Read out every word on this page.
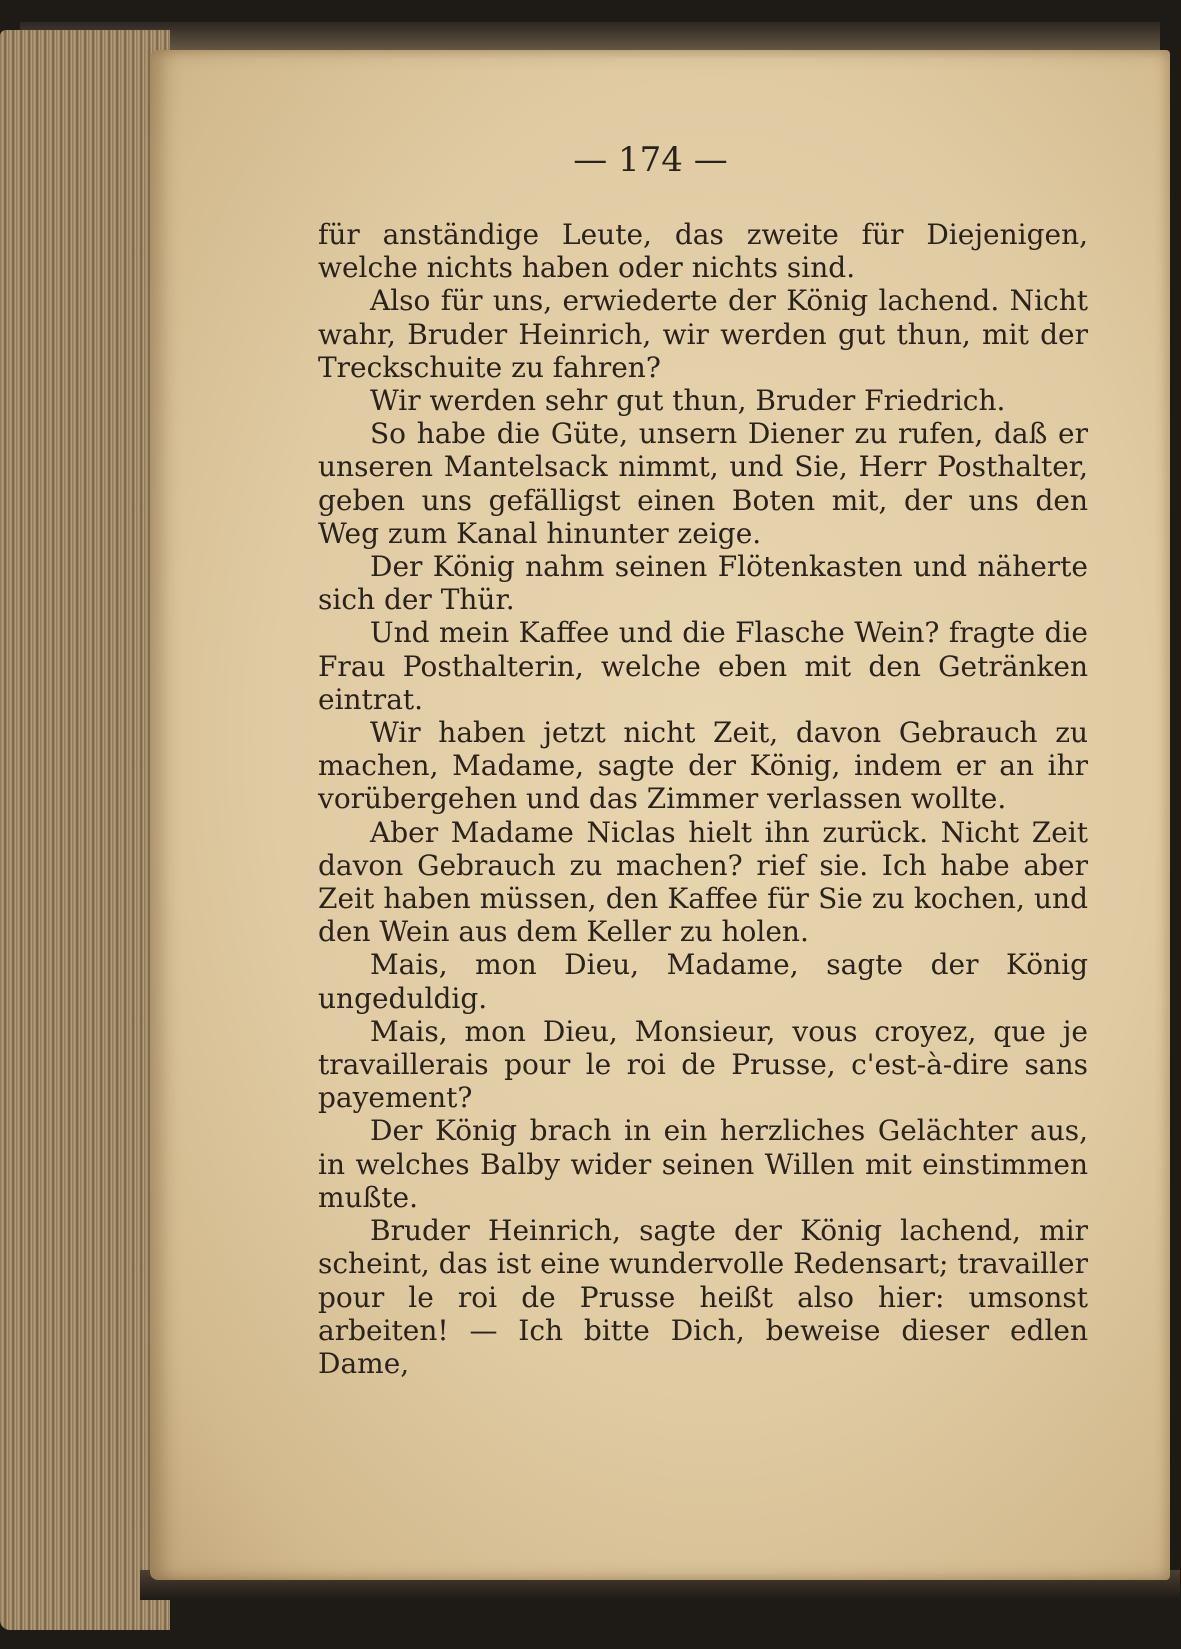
— 174 —

für anständige Leute, das zweite für Diejenigen, welche nichts haben oder nichts sind.

Also für uns, erwiederte der König lachend. Nicht wahr, Bruder Heinrich, wir werden gut thun, mit der Treckschuite zu fahren?

Wir werden sehr gut thun, Bruder Friedrich.

So habe die Güte, unsern Diener zu rufen, daß er unseren Mantelsack nimmt, und Sie, Herr Posthalter, geben uns gefälligst einen Boten mit, der uns den Weg zum Kanal hinunter zeige.

Der König nahm seinen Flötenkasten und näherte sich der Thür.

Und mein Kaffee und die Flasche Wein? fragte die Frau Posthalterin, welche eben mit den Getränken eintrat.

Wir haben jetzt nicht Zeit, davon Gebrauch zu machen, Madame, sagte der König, indem er an ihr vorübergehen und das Zimmer verlassen wollte.

Aber Madame Niclas hielt ihn zurück. Nicht Zeit davon Gebrauch zu machen? rief sie. Ich habe aber Zeit haben müssen, den Kaffee für Sie zu kochen, und den Wein aus dem Keller zu holen.

Mais, mon Dieu, Madame, sagte der König ungeduldig.

Mais, mon Dieu, Monsieur, vous croyez, que je travaillerais pour le roi de Prusse, c'est-à-dire sans payement?

Der König brach in ein herzliches Gelächter aus, in welches Balby wider seinen Willen mit einstimmen mußte.

Bruder Heinrich, sagte der König lachend, mir scheint, das ist eine wundervolle Redensart; travailler pour le roi de Prusse heißt also hier: umsonst arbeiten! — Ich bitte Dich, beweise dieser edlen Dame,
